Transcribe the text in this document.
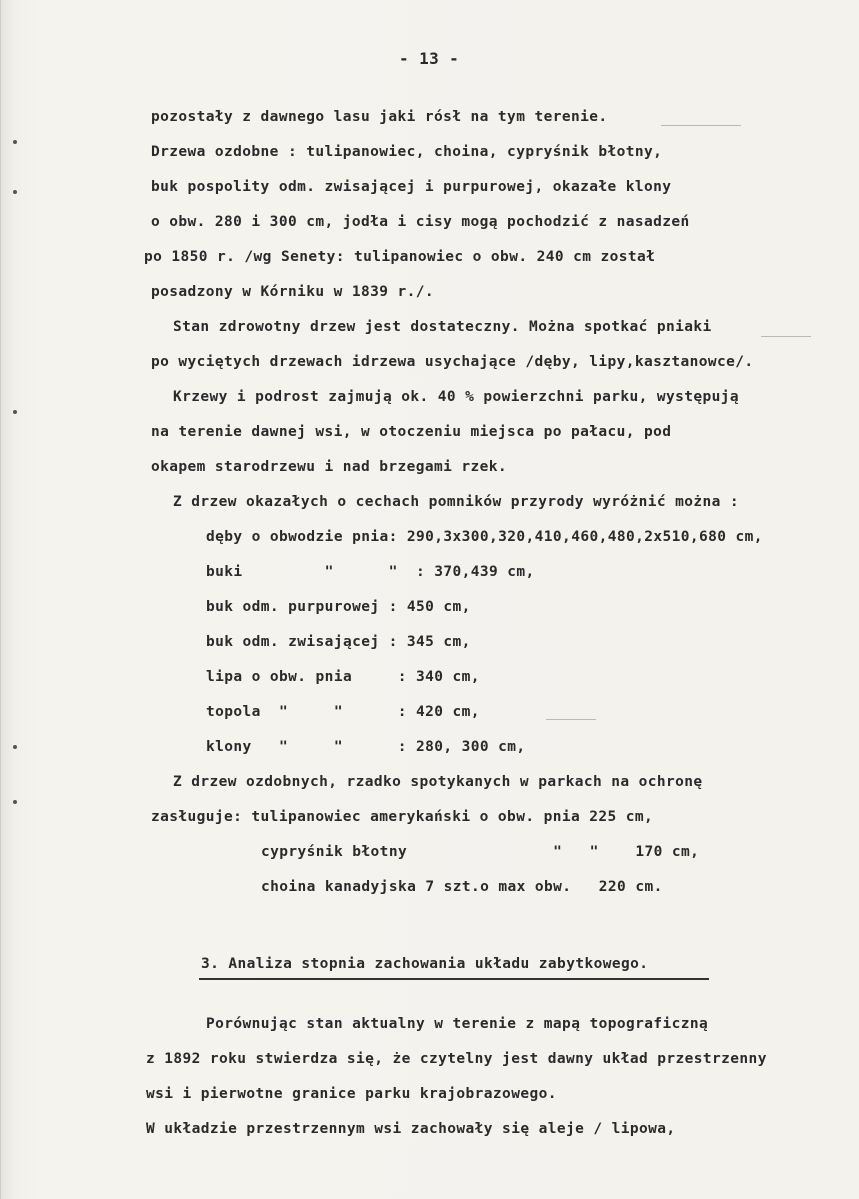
- 13 -
pozostały z dawnego lasu jaki rósł na tym terenie.
Drzewa ozdobne : tulipanowiec, choina, cypryśnik błotny,
buk pospolity odm. zwisającej i purpurowej, okazałe klony
o obw. 280 i 300 cm, jodła i cisy mogą pochodzić z nasadzeń
po 1850 r. /wg Senety: tulipanowiec o obw. 240 cm został
posadzony w Kórniku w 1839 r./.
Stan zdrowotny drzew jest dostateczny. Można spotkać pniaki
po wyciętych drzewach idrzewa usychające /dęby, lipy,kasztanowce/.
Krzewy i podrost zajmują ok. 40 % powierzchni parku, występują
na terenie dawnej wsi, w otoczeniu miejsca po pałacu, pod
okapem starodrzewu i nad brzegami rzek.
Z drzew okazałych o cechach pomników przyrody wyróżnić można :
dęby o obwodzie pnia: 290,3x300,320,410,460,480,2x510,680 cm,
buki         "      "  : 370,439 cm,
buk odm. purpurowej : 450 cm,
buk odm. zwisającej : 345 cm,
lipa o obw. pnia     : 340 cm,
topola  "     "      : 420 cm,
klony   "     "      : 280, 300 cm,
Z drzew ozdobnych, rzadko spotykanych w parkach na ochronę
zasługuje: tulipanowiec amerykański o obw. pnia 225 cm,
cypryśnik błotny                "   "    170 cm,
choina kanadyjska 7 szt.o max obw.   220 cm.
3. Analiza stopnia zachowania układu zabytkowego.
Porównując stan aktualny w terenie z mapą topograficzną
z 1892 roku stwierdza się, że czytelny jest dawny układ przestrzenny
wsi i pierwotne granice parku krajobrazowego.
W układzie przestrzennym wsi zachowały się aleje / lipowa,
